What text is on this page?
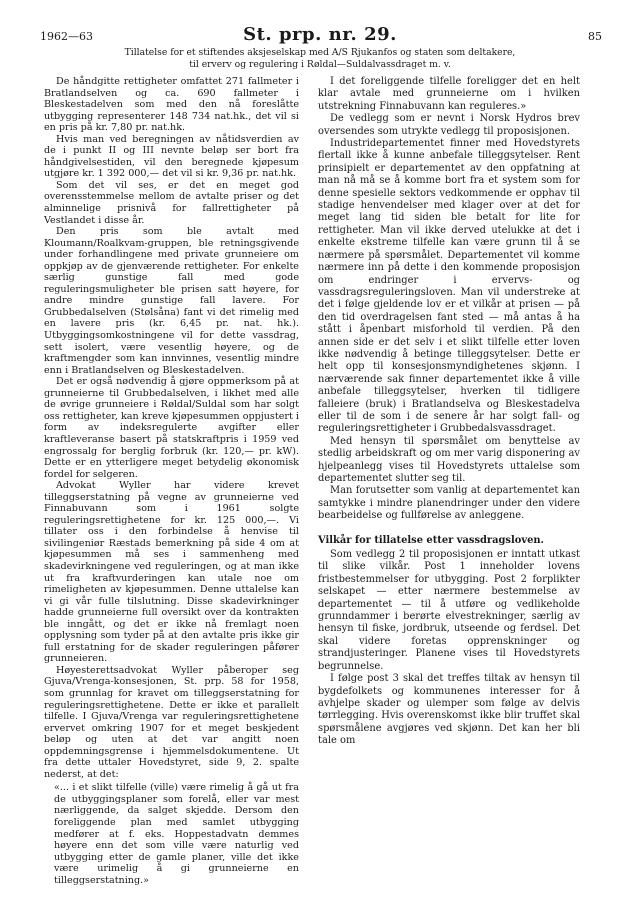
1962—63	St. prp. nr. 29.	85
Tillatelse for et stiftendes aksjeselskap med A/S Rjukanfos og staten som deltakere,
til erverv og regulering i Røldal—Suldalvassdraget m. v.

De håndgitte rettigheter omfattet 271 fallmeter i Bratlandselven og ca. 690 fallmeter i Bleskestadelven som med den nå foreslåtte utbygging representerer 148 734 nat.hk., det vil si en pris på kr. 7,80 pr. nat.hk.

Hvis man ved beregningen av nåtidsverdien av de i punkt II og III nevnte beløp ser bort fra håndgivelsestiden, vil den beregnede kjøpesum utgjøre kr. 1 392 000,— det vil si kr. 9,36 pr. nat.hk.

Som det vil ses, er det en meget god overensstemmelse mellom de avtalte priser og det alminnelige prisnivå for fallrettigheter på Vestlandet i disse år.

Den pris som ble avtalt med Kloumann/Roalkvam-gruppen, ble retningsgivende under forhandlingene med private grunneiere om oppkjøp av de gjenværende rettigheter. For enkelte særlig gunstige fall med gode reguleringsmuligheter ble prisen satt høyere, for andre mindre gunstige fall lavere. For Grubbedalselven (Stølsåna) fant vi det rimelig med en lavere pris (kr. 6,45 pr. nat. hk.). Utbyggingsomkostningene vil for dette vassdrag, sett isolert, være vesentlig høyere, og de kraftmengder som kan innvinnes, vesentlig mindre enn i Bratlandselven og Bleskestadelven.

Det er også nødvendig å gjøre oppmerksom på at grunneierne til Grubbedalselven, i likhet med alle de øvrige grunneiere i Røldal/Suldal som har solgt oss rettigheter, kan kreve kjøpesummen oppjustert i form av indeksregulerte avgifter eller kraftleveranse basert på statskraftpris i 1959 ved engrossalg for berglig forbruk (kr. 120,— pr. kW). Dette er en ytterligere meget betydelig økonomisk fordel for selgeren.

Advokat Wyller har videre krevet tilleggserstatning på vegne av grunneierne ved Finnabuvann som i 1961 solgte reguleringsrettighetene for kr. 125 000,—. Vi tillater oss i den forbindelse å henvise til sivilingeniør Ræstads bemerkning på side 4 om at kjøpesummen må ses i sammenheng med skadevirkningene ved reguleringen, og at man ikke ut fra kraftvurderingen kan utale noe om rimeligheten av kjøpesummen. Denne uttalelse kan vi gi vår fulle tilslutning. Disse skadevirkninger hadde grunneierne full oversikt over da kontrakten ble inngått, og det er ikke nå fremlagt noen opplysning som tyder på at den avtalte pris ikke gir full erstatning for de skader reguleringen påfører grunneieren.

Høyesterettsadvokat Wyller påberoper seg Gjuva/Vrenga-konsesjonen, St. prp. 58 for 1958, som grunnlag for kravet om tilleggserstatning for reguleringsrettighetene. Dette er ikke et parallelt tilfelle. I Gjuva/Vrenga var reguleringsrettighetene ervervet omkring 1907 for et meget beskjedent beløp og uten at det var angitt noen oppdemningsgrense i hjemmelsdokumentene. Ut fra dette uttaler Hovedstyret, side 9, 2. spalte nederst, at det:

«... i et slikt tilfelle (ville) være rimelig å gå ut fra de utbyggingsplaner som forelå, eller var mest nærliggende, da salget skjedde. Dersom den foreliggende plan med samlet utbygging medfører at f. eks. Hoppestadvatn demmes høyere enn det som ville være naturlig ved utbygging etter de gamle planer, ville det ikke være urimelig å gi grunneierne en tilleggserstatning.»

I det foreliggende tilfelle foreligger det en helt klar avtale med grunneierne om i hvilken utstrekning Finnabuvann kan reguleres.»

De vedlegg som er nevnt i Norsk Hydros brev oversendes som utrykte vedlegg til proposisjonen.

Industridepartementet finner med Hovedstyrets flertall ikke å kunne anbefale tilleggsytelser. Rent prinsipielt er departementet av den oppfatning at man nå må se å komme bort fra et system som for denne spesielle sektors vedkommende er opphav til stadige henvendelser med klager over at det for meget lang tid siden ble betalt for lite for rettigheter. Man vil ikke derved utelukke at det i enkelte ekstreme tilfelle kan være grunn til å se nærmere på spørsmålet. Departementet vil komme nærmere inn på dette i den kommende proposisjon om endringer i ervervs- og vassdragsreguleringsloven. Man vil understreke at det i følge gjeldende lov er et vilkår at prisen — på den tid overdragelsen fant sted — må antas å ha stått i åpenbart misforhold til verdien. På den annen side er det selv i et slikt tilfelle etter loven ikke nødvendig å betinge tilleggsytelser. Dette er helt opp til konsesjonsmyndighetenes skjønn. I nærværende sak finner departementet ikke å ville anbefale tilleggsytelser, hverken til tidligere falleiere (bruk) i Bratlandselva og Bleskestadelva eller til de som i de senere år har solgt fall- og reguleringsrettigheter i Grubbedalsvassdraget.

Med hensyn til spørsmålet om benyttelse av stedlig arbeidskraft og om mer varig disponering av hjelpeanlegg vises til Hovedstyrets uttalelse som departementet slutter seg til.

Man forutsetter som vanlig at departementet kan samtykke i mindre planendringer under den videre bearbeidelse og fullførelse av anleggene.

Vilkår for tillatelse etter vassdragsloven.

Som vedlegg 2 til proposisjonen er inntatt utkast til slike vilkår. Post 1 inneholder lovens fristbestemmelser for utbygging. Post 2 forplikter selskapet — etter nærmere bestemmelse av departementet — til å utføre og vedlikeholde grunndammer i berørte elvestrekninger, særlig av hensyn til fiske, jordbruk, utseende og ferdsel. Det skal videre foretas opprenskninger og strandjusteringer. Planene vises til Hovedstyrets begrunnelse.

I følge post 3 skal det treffes tiltak av hensyn til bygdefolkets og kommunenes interesser for å avhjelpe skader og ulemper som følge av delvis tørrlegging. Hvis overenskomst ikke blir truffet skal spørsmålene avgjøres ved skjønn. Det kan her bli tale om
